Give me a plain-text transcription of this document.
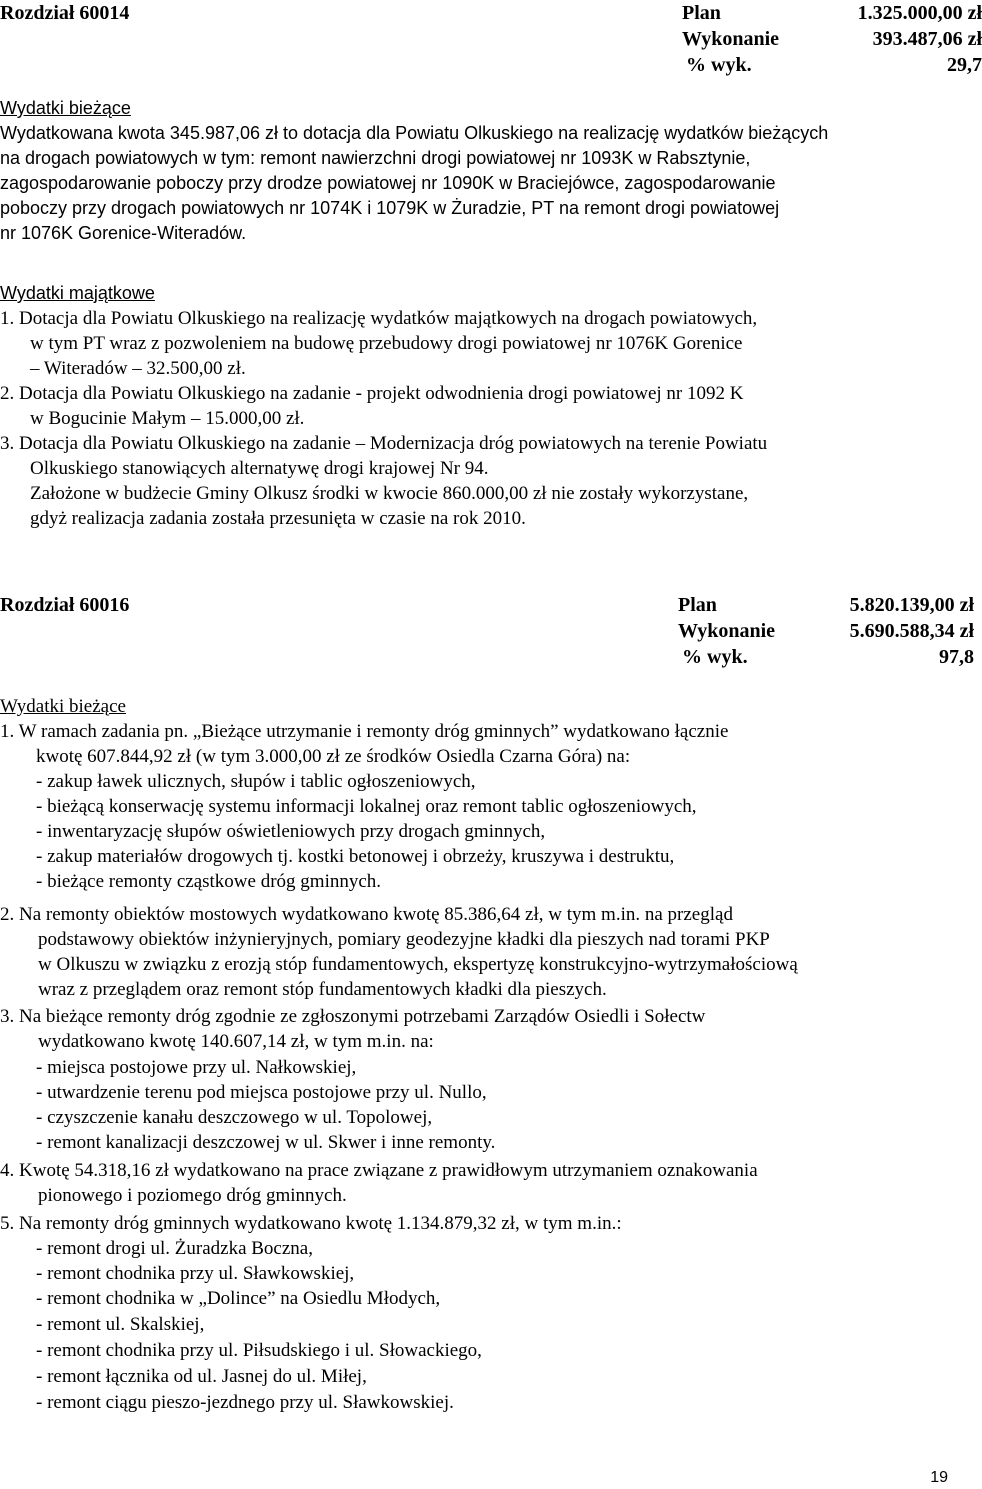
Rozdział 60014	Plan	1.325.000,00 zł
Wykonanie	393.487,06 zł
% wyk.	29,7
Wydatki bieżące
Wydatkowana kwota 345.987,06 zł to dotacja dla Powiatu Olkuskiego na realizację wydatków bieżących
na drogach powiatowych w tym: remont nawierzchni drogi powiatowej nr 1093K w Rabsztynie,
zagospodarowanie poboczy przy drodze powiatowej nr 1090K w Braciejówce, zagospodarowanie
poboczy przy drogach powiatowych nr 1074K i 1079K w Żuradzie, PT na remont drogi powiatowej
nr 1076K Gorenice-Witeradów.
Wydatki majątkowe
1. Dotacja dla Powiatu Olkuskiego na realizację wydatków majątkowych na drogach powiatowych,
w tym PT wraz z pozwoleniem na budowę przebudowy drogi powiatowej nr 1076K Gorenice
– Witeradów – 32.500,00 zł.
2. Dotacja dla Powiatu Olkuskiego na zadanie - projekt odwodnienia drogi powiatowej nr 1092 K
w Bogucinie Małym – 15.000,00 zł.
3. Dotacja dla Powiatu Olkuskiego na zadanie – Modernizacja dróg powiatowych na terenie Powiatu
Olkuskiego stanowiących alternatywę drogi krajowej Nr 94.
Założone w budżecie Gminy Olkusz środki w kwocie 860.000,00 zł nie zostały wykorzystane,
gdyż realizacja zadania została przesunięta w czasie na rok 2010.
Rozdział 60016	Plan	5.820.139,00 zł
Wykonanie	5.690.588,34 zł
% wyk.	97,8
Wydatki bieżące
1. W ramach zadania pn. „Bieżące utrzymanie i remonty dróg gminnych” wydatkowano łącznie
kwotę 607.844,92 zł (w tym 3.000,00 zł ze środków Osiedla Czarna Góra) na:
- zakup ławek ulicznych, słupów i tablic ogłoszeniowych,
- bieżącą konserwację systemu informacji lokalnej oraz remont tablic ogłoszeniowych,
- inwentaryzację słupów oświetleniowych przy drogach gminnych,
- zakup materiałów drogowych tj. kostki betonowej i obrzeży, kruszywa i destruktu,
- bieżące remonty cząstkowe dróg gminnych.
2. Na remonty obiektów mostowych wydatkowano kwotę 85.386,64 zł, w tym m.in. na przegląd
podstawowy obiektów inżynieryjnych, pomiary geodezyjne kładki dla pieszych nad torami PKP
w Olkuszu w związku z erozją stóp fundamentowych, ekspertyzę konstrukcyjno-wytrzymałościową
wraz z przeglądem oraz remont stóp fundamentowych kładki dla pieszych.
3. Na bieżące remonty dróg zgodnie ze zgłoszonymi potrzebami Zarządów Osiedli i Sołectw
wydatkowano kwotę 140.607,14 zł, w tym m.in. na:
- miejsca postojowe przy ul. Nałkowskiej,
- utwardzenie terenu pod miejsca postojowe przy ul. Nullo,
- czyszczenie kanału deszczowego w ul. Topolowej,
- remont kanalizacji deszczowej w ul. Skwer i inne remonty.
4. Kwotę 54.318,16 zł wydatkowano na prace związane z prawidłowym utrzymaniem oznakowania
pionowego i poziomego dróg gminnych.
5. Na remonty dróg gminnych wydatkowano kwotę 1.134.879,32 zł, w tym m.in.:
- remont drogi ul. Żuradzka Boczna,
- remont chodnika przy ul. Sławkowskiej,
- remont chodnika w „Dolince” na Osiedlu Młodych,
- remont ul. Skalskiej,
- remont chodnika przy ul. Piłsudskiego i ul. Słowackiego,
- remont łącznika od ul. Jasnej do ul. Miłej,
- remont ciągu pieszo-jezdnego przy ul. Sławkowskiej.
19
